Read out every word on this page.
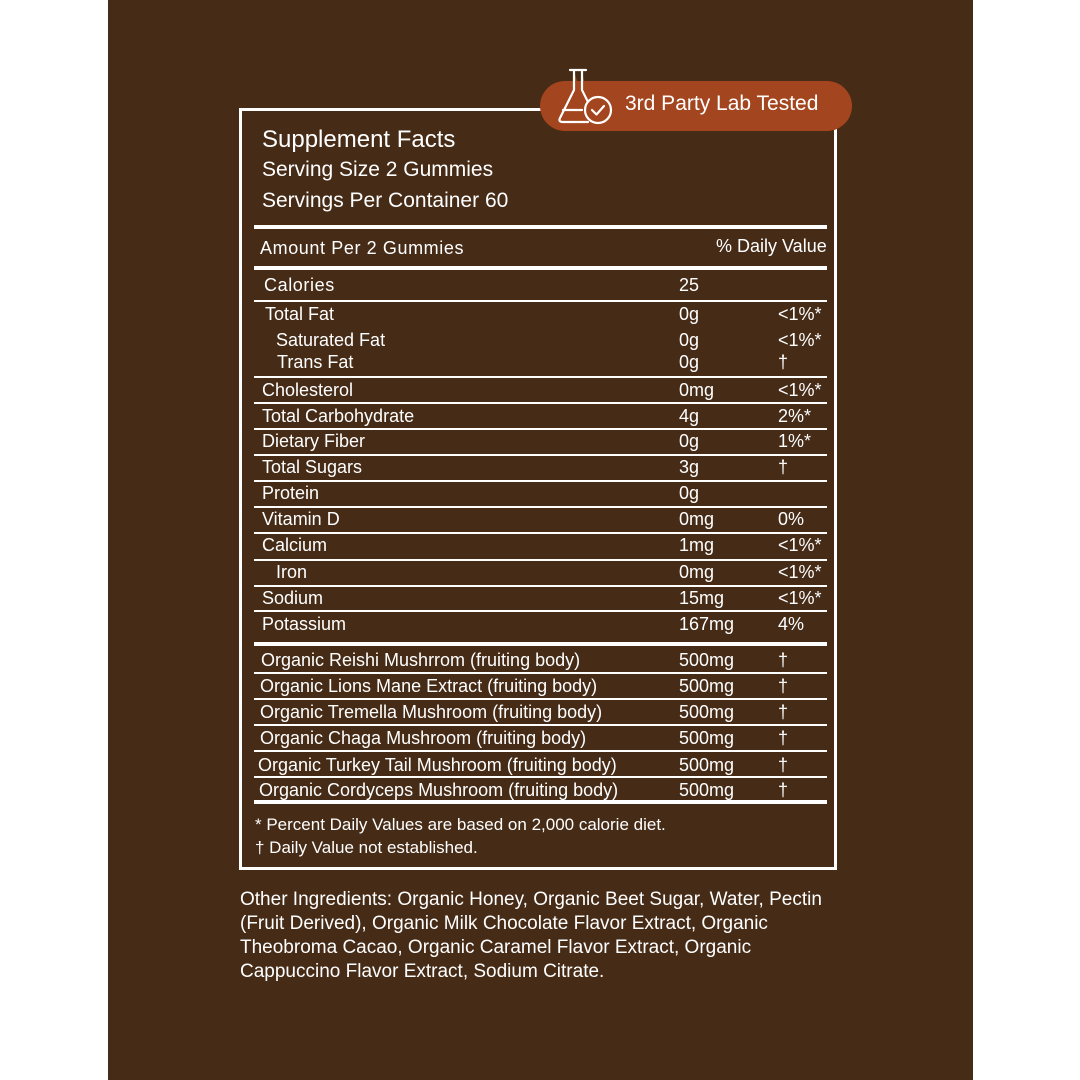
3rd Party Lab Tested
Supplement Facts
Serving Size 2 Gummies
Servings Per Container 60
Amount Per 2 Gummies	% Daily Value
Calories	25
Total Fat	0g	<1%*
Saturated Fat	0g	<1%*
Trans Fat	0g	†
Cholesterol	0mg	<1%*
Total Carbohydrate	4g	2%*
Dietary Fiber	0g	1%*
Total Sugars	3g	†
Protein	0g
Vitamin D	0mg	0%
Calcium	1mg	<1%*
Iron	0mg	<1%*
Sodium	15mg	<1%*
Potassium	167mg 4%
Organic Reishi Mushrrom (fruiting body)	500mg †
Organic Lions Mane Extract (fruiting body)	500mg †
Organic Tremella Mushroom (fruiting body)	500mg †
Organic Chaga Mushroom (fruiting body)	500mg †
Organic Turkey Tail Mushroom (fruiting body)	500mg †
Organic Cordyceps Mushroom (fruiting body)	500mg †
* Percent Daily Values are based on 2,000 calorie diet.
† Daily Value not established.
Other Ingredients: Organic Honey, Organic Beet Sugar, Water, Pectin (Fruit Derived), Organic Milk Chocolate Flavor Extract, Organic Theobroma Cacao, Organic Caramel Flavor Extract, Organic Cappuccino Flavor Extract, Sodium Citrate.
